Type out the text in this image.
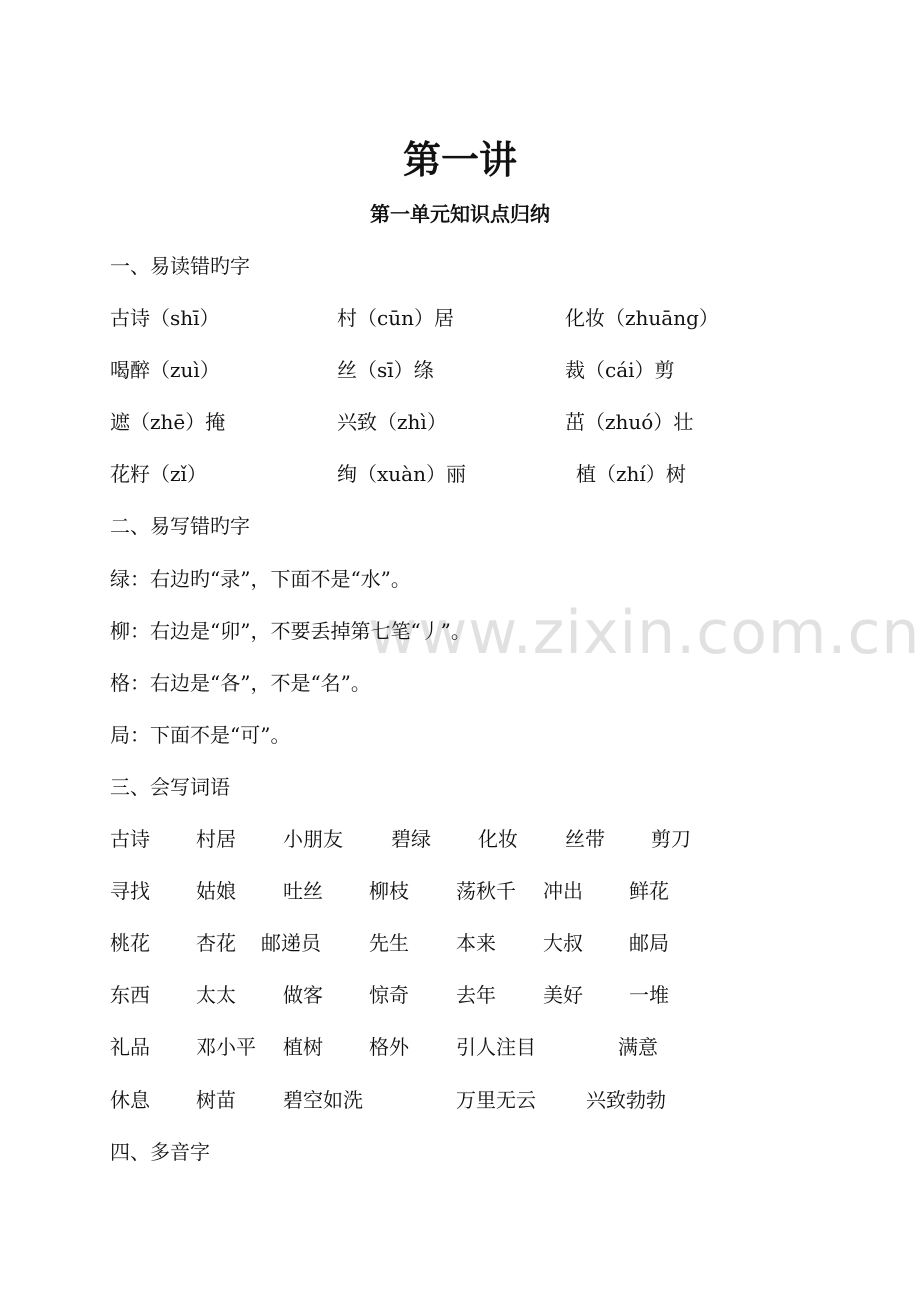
www.zixin.com.cn
第一讲
第一单元知识点归纳
一、易读错旳字
古诗（shī）	村（cūn）居	化妆（zhuāng）
喝醉（zuì）	丝（sī）绦	裁（cái）剪
遮（zhē）掩	兴致（zhì）	茁（zhuó）壮
花籽（zǐ）	绚（xuàn）丽	植（zhí）树
二、易写错旳字
绿：右边旳“录”，下面不是“水”。
柳：右边是“卯”，不要丢掉第七笔“丿”。
格：右边是“各”，不是“名”。
局：下面不是“可”。
三、会写词语
古诗 村居 小朋友 碧绿 化妆 丝带 剪刀
寻找 姑娘 吐丝 柳枝 荡秋千 冲出 鲜花
桃花 杏花 邮递员 先生 本来 大叔 邮局
东西 太太 做客 惊奇 去年 美好 一堆
礼品 邓小平 植树 格外 引人注目	满意
休息 树苗 碧空如洗	万里无云	兴致勃勃
四、多音字
